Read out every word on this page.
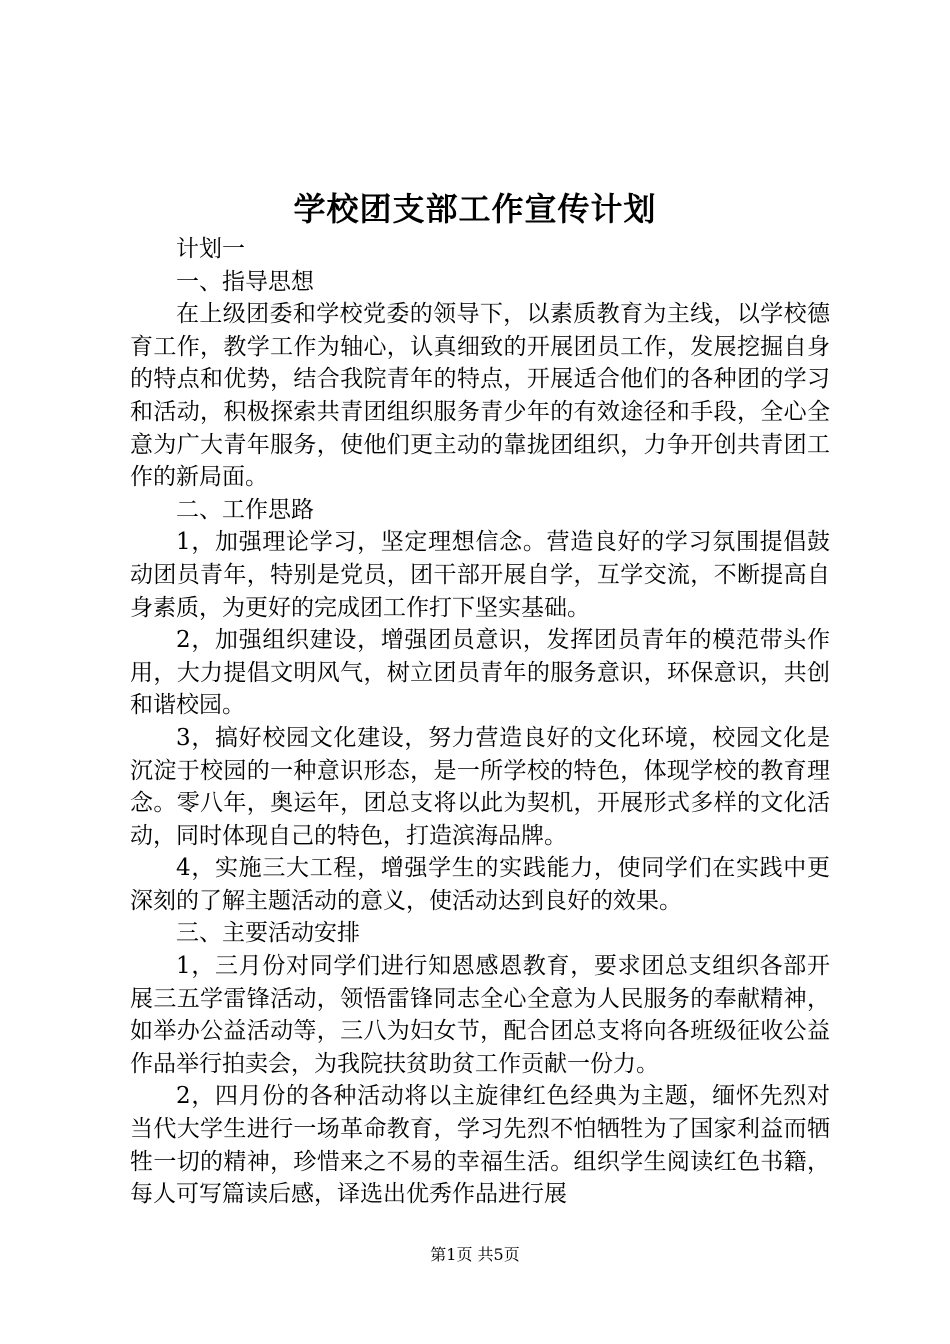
学校团支部工作宣传计划

计划一

一、指导思想

在上级团委和学校党委的领导下，以素质教育为主线，以学校德育工作，教学工作为轴心，认真细致的开展团员工作，发展挖掘自身的特点和优势，结合我院青年的特点，开展适合他们的各种团的学习和活动，积极探索共青团组织服务青少年的有效途径和手段，全心全意为广大青年服务，使他们更主动的靠拢团组织，力争开创共青团工作的新局面。

二、工作思路

1，加强理论学习，坚定理想信念。营造良好的学习氛围提倡鼓动团员青年，特别是党员，团干部开展自学，互学交流，不断提高自身素质，为更好的完成团工作打下坚实基础。

2，加强组织建设，增强团员意识，发挥团员青年的模范带头作用，大力提倡文明风气，树立团员青年的服务意识，环保意识，共创和谐校园。

3，搞好校园文化建设，努力营造良好的文化环境，校园文化是沉淀于校园的一种意识形态，是一所学校的特色，体现学校的教育理念。零八年，奥运年，团总支将以此为契机，开展形式多样的文化活动，同时体现自己的特色，打造滨海品牌。

4，实施三大工程，增强学生的实践能力，使同学们在实践中更深刻的了解主题活动的意义，使活动达到良好的效果。

三、主要活动安排

1，三月份对同学们进行知恩感恩教育，要求团总支组织各部开展三五学雷锋活动，领悟雷锋同志全心全意为人民服务的奉献精神，如举办公益活动等，三八为妇女节，配合团总支将向各班级征收公益作品举行拍卖会，为我院扶贫助贫工作贡献一份力。

2，四月份的各种活动将以主旋律红色经典为主题，缅怀先烈对当代大学生进行一场革命教育，学习先烈不怕牺牲为了国家利益而牺牲一切的精神，珍惜来之不易的幸福生活。组织学生阅读红色书籍，每人可写篇读后感，译选出优秀作品进行展

第1页 共5页
